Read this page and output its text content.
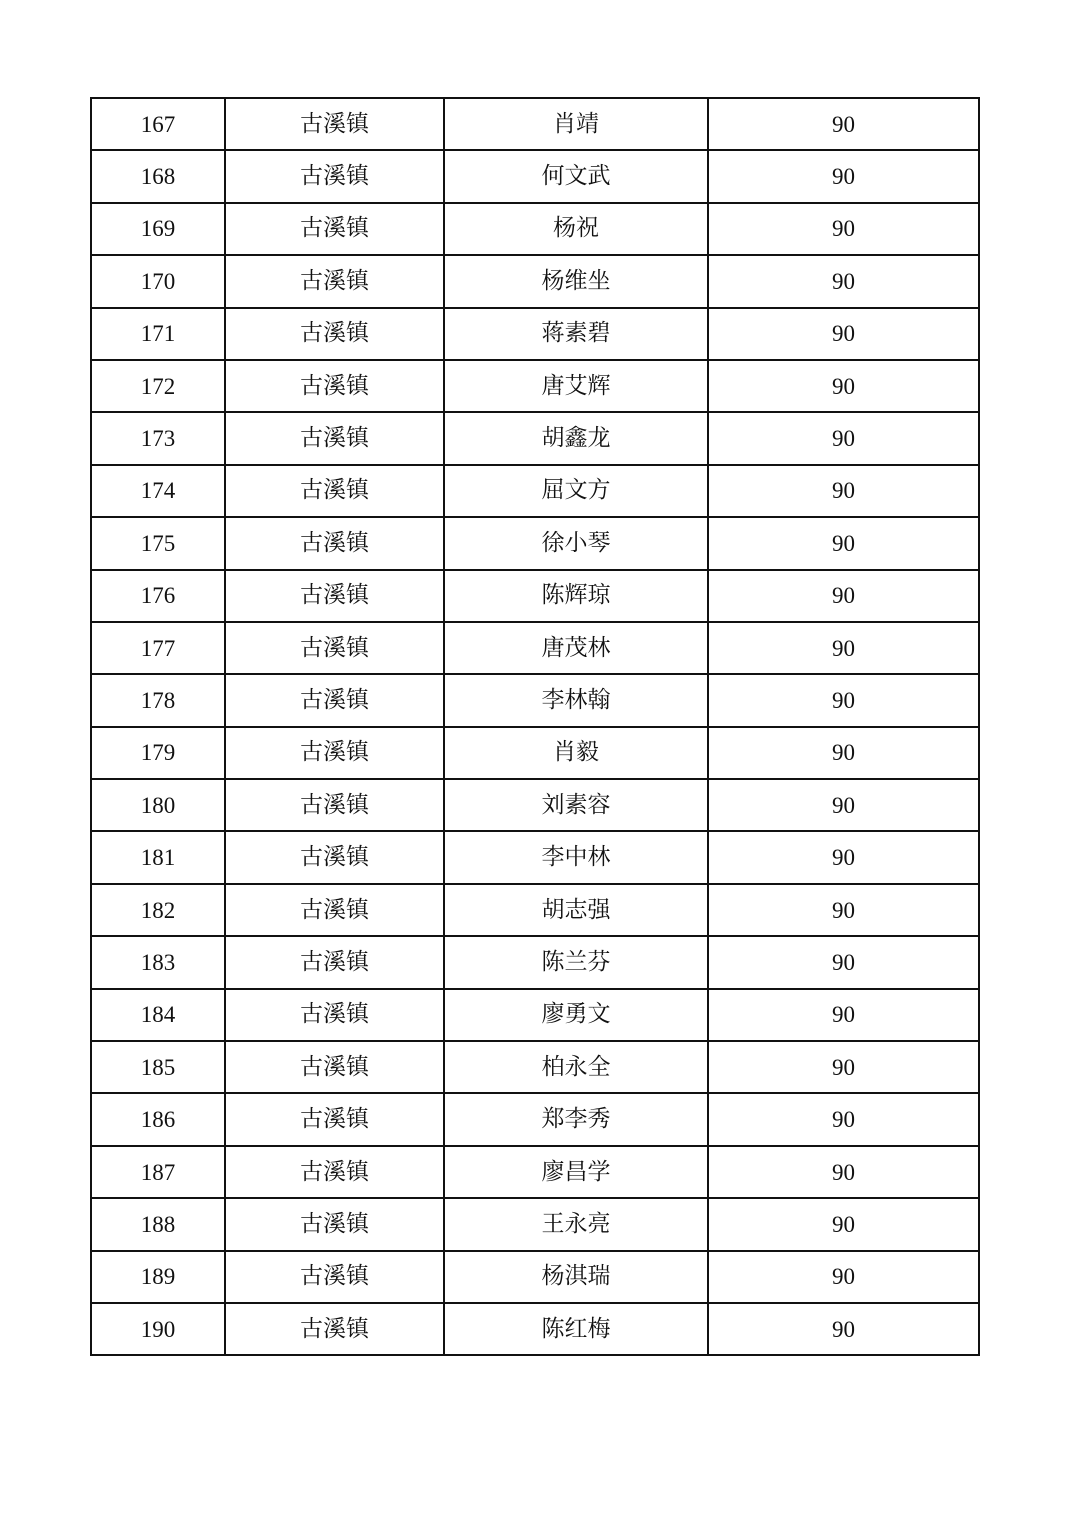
167	古溪镇	肖靖	90
168	古溪镇	何文武	90
169	古溪镇	杨祝	90
170	古溪镇	杨维坐	90
171	古溪镇	蒋素碧	90
172	古溪镇	唐艾辉	90
173	古溪镇	胡鑫龙	90
174	古溪镇	屈文方	90
175	古溪镇	徐小琴	90
176	古溪镇	陈辉琼	90
177	古溪镇	唐茂林	90
178	古溪镇	李林翰	90
179	古溪镇	肖毅	90
180	古溪镇	刘素容	90
181	古溪镇	李中林	90
182	古溪镇	胡志强	90
183	古溪镇	陈兰芬	90
184	古溪镇	廖勇文	90
185	古溪镇	柏永全	90
186	古溪镇	郑李秀	90
187	古溪镇	廖昌学	90
188	古溪镇	王永亮	90
189	古溪镇	杨淇瑞	90
190	古溪镇	陈红梅	90
